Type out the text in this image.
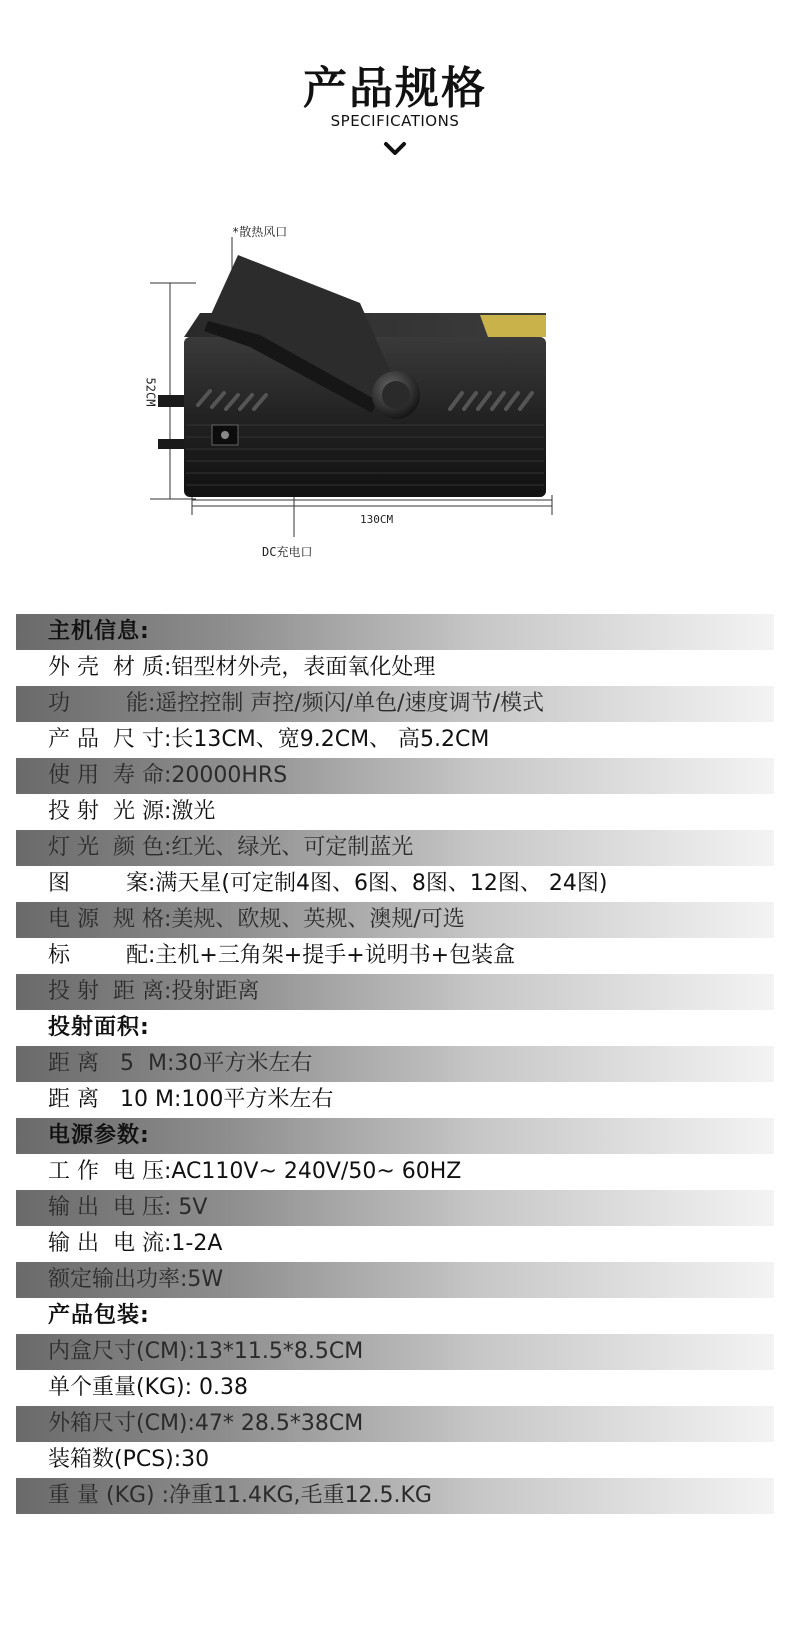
产品规格
SPECIFICATIONS
*散热风口
52CM
130CM
DC充电口
主机信息:
外 壳  材 质:铝型材外壳，表面氧化处理
功        能:遥控控制 声控/频闪/单色/速度调节/模式
产 品  尺 寸:长13CM、宽9.2CM、 高5.2CM
使 用  寿 命:20000HRS
投 射  光 源:激光
灯 光  颜 色:红光、绿光、可定制蓝光
图        案:满天星(可定制4图、6图、8图、12图、 24图)
电 源  规 格:美规、欧规、英规、澳规/可选
标        配:主机+三角架+提手+说明书+包装盒
投 射  距 离:投射距离
投射面积:
距 离   5  M:30平方米左右
距 离   10 M:100平方米左右
电源参数:
工 作  电 压:AC110V~ 240V/50~ 60HZ
输 出  电 压: 5V
输 出  电 流:1-2A
额定输出功率:5W
产品包装:
内盒尺寸(CM):13*11.5*8.5CM
单个重量(KG): 0.38
外箱尺寸(CM):47* 28.5*38CM
装箱数(PCS):30
重 量 (KG) :净重11.4KG,毛重12.5.KG
